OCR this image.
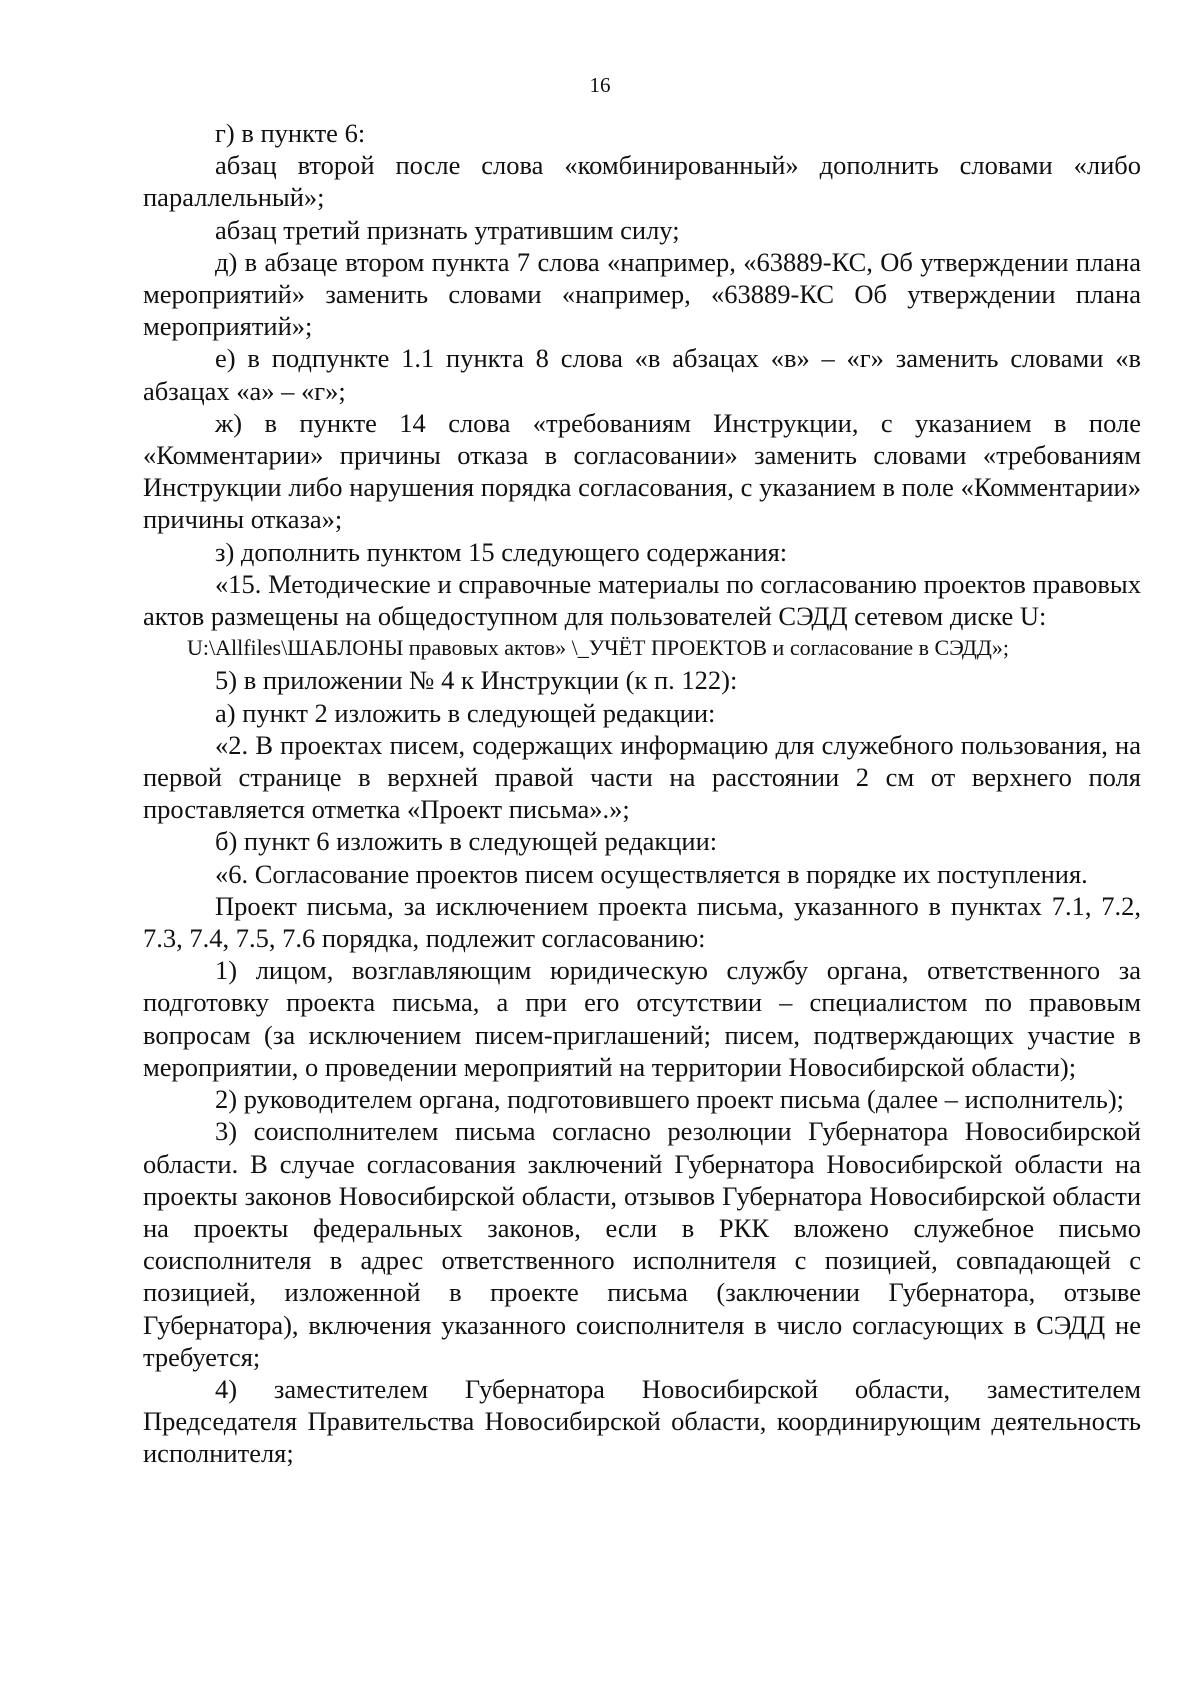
16

г) в пункте 6:

абзац второй после слова «комбинированный» дополнить словами «либо параллельный»;

абзац третий признать утратившим силу;

д) в абзаце втором пункта 7 слова «например, «63889-КС, Об утверждении плана мероприятий» заменить словами «например, «63889-КС Об утверждении плана мероприятий»;

е) в подпункте 1.1 пункта 8 слова «в абзацах «в» – «г» заменить словами «в абзацах «а» – «г»;

ж) в пункте 14 слова «требованиям Инструкции, с указанием в поле «Комментарии» причины отказа в согласовании» заменить словами «требованиям Инструкции либо нарушения порядка согласования, с указанием в поле «Комментарии» причины отказа»;

з) дополнить пунктом 15 следующего содержания:

«15. Методические и справочные материалы по согласованию проектов правовых актов размещены на общедоступном для пользователей СЭДД сетевом диске U:

U:\Allfiles\ШАБЛОНЫ правовых актов» \_УЧЁТ ПРОЕКТОВ и согласование в СЭДД»;

5) в приложении № 4 к Инструкции (к п. 122):

а) пункт 2 изложить в следующей редакции:

«2. В проектах писем, содержащих информацию для служебного пользования, на первой странице в верхней правой части на расстоянии 2 см от верхнего поля проставляется отметка «Проект письма».»;

б) пункт 6 изложить в следующей редакции:

«6. Согласование проектов писем осуществляется в порядке их поступления.

Проект письма, за исключением проекта письма, указанного в пунктах 7.1, 7.2, 7.3, 7.4, 7.5, 7.6 порядка, подлежит согласованию:

1) лицом, возглавляющим юридическую службу органа, ответственного за подготовку проекта письма, а при его отсутствии – специалистом по правовым вопросам (за исключением писем-приглашений; писем, подтверждающих участие в мероприятии, о проведении мероприятий на территории Новосибирской области);

2) руководителем органа, подготовившего проект письма (далее – исполнитель);

3) соисполнителем письма согласно резолюции Губернатора Новосибирской области. В случае согласования заключений Губернатора Новосибирской области на проекты законов Новосибирской области, отзывов Губернатора Новосибирской области на проекты федеральных законов, если в РКК вложено служебное письмо соисполнителя в адрес ответственного исполнителя с позицией, совпадающей с позицией, изложенной в проекте письма (заключении Губернатора, отзыве Губернатора), включения указанного соисполнителя в число согласующих в СЭДД не требуется;

4) заместителем Губернатора Новосибирской области, заместителем Председателя Правительства Новосибирской области, координирующим деятельность исполнителя;
